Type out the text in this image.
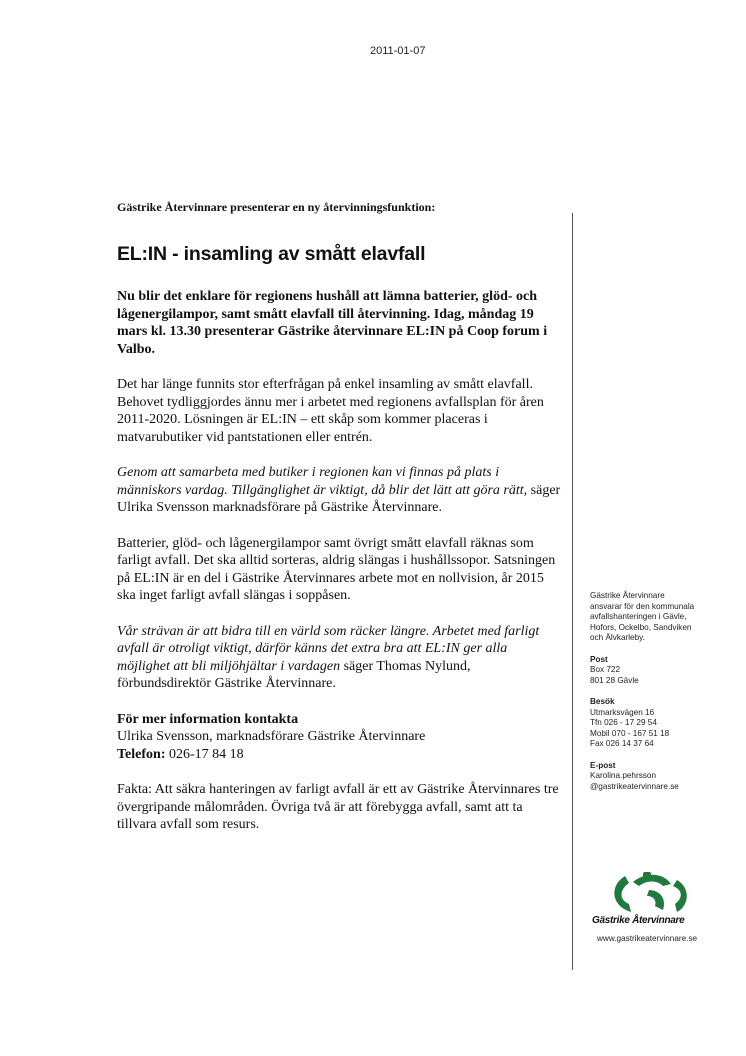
2011-01-07

Gästrike Återvinnare presenterar en ny återvinningsfunktion:

EL:IN - insamling av smått elavfall

Nu blir det enklare för regionens hushåll att lämna batterier, glöd- och lågenergilampor, samt smått elavfall till återvinning. Idag, måndag 19 mars kl. 13.30 presenterar Gästrike återvinnare EL:IN på Coop forum i Valbo.

Det har länge funnits stor efterfrågan på enkel insamling av smått elavfall. Behovet tydliggjordes ännu mer i arbetet med regionens avfallsplan för åren 2011-2020. Lösningen är EL:IN – ett skåp som kommer placeras i matvarubutiker vid pantstationen eller entrén.

Genom att samarbeta med butiker i regionen kan vi finnas på plats i människors vardag. Tillgänglighet är viktigt, då blir det lätt att göra rätt, säger Ulrika Svensson marknadsförare på Gästrike Återvinnare.

Batterier, glöd- och lågenergilampor samt övrigt smått elavfall räknas som farligt avfall. Det ska alltid sorteras, aldrig slängas i hushållssopor. Satsningen på EL:IN är en del i Gästrike Återvinnares arbete mot en nollvision, år 2015 ska inget farligt avfall slängas i soppåsen.

Vår strävan är att bidra till en värld som räcker längre. Arbetet med farligt avfall är otroligt viktigt, därför känns det extra bra att EL:IN ger alla möjlighet att bli miljöhjältar i vardagen säger Thomas Nylund, förbundsdirektör Gästrike Återvinnare.

För mer information kontakta

Ulrika Svensson, marknadsförare Gästrike Återvinnare

Telefon: 026-17 84 18

Fakta: Att säkra hanteringen av farligt avfall är ett av Gästrike Återvinnares tre övergripande målområden. Övriga två är att förebygga avfall, samt att ta tillvara avfall som resurs.

Gästrike Återvinnare
ansvarar för den kommunala
avfallshanteringen i Gävle,
Hofors, Ockelbo, Sandviken
och Älvkarleby.
Post
Box 722
801 28 Gävle
Besök
Utmarksvägen 16
Tfn 026 - 17 29 54
Mobil 070 - 167 51 18
Fax 026 14 37 64
E-post
Karolina.pehrsson
@gastrikeatervinnare.se
Gästrike Återvinnare
www.gastrikeatervinnare.se
